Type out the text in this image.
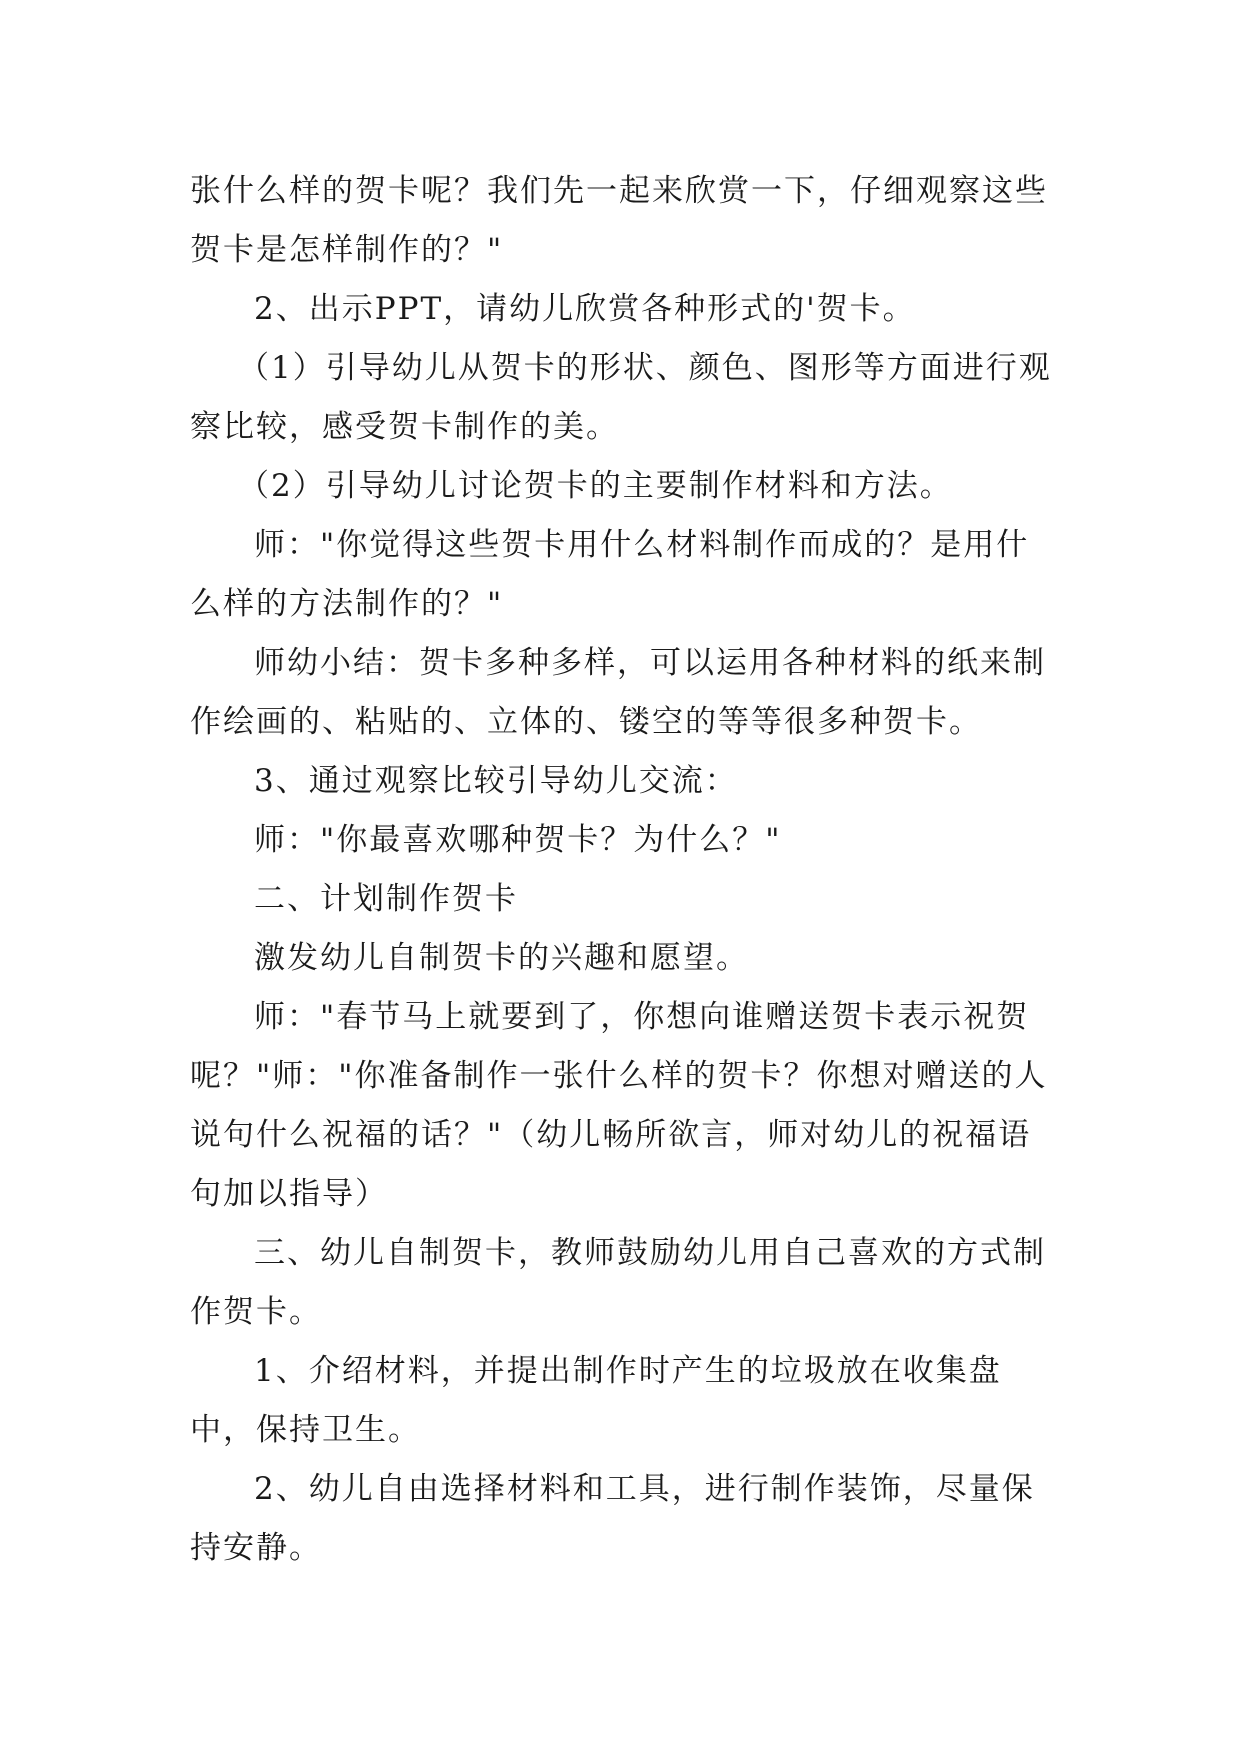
张什么样的贺卡呢？我们先一起来欣赏一下，仔细观察这些贺卡是怎样制作的？"

2、出示PPT，请幼儿欣赏各种形式的'贺卡。

（1）引导幼儿从贺卡的形状、颜色、图形等方面进行观察比较，感受贺卡制作的美。

（2）引导幼儿讨论贺卡的主要制作材料和方法。

师："你觉得这些贺卡用什么材料制作而成的？是用什么样的方法制作的？"

师幼小结：贺卡多种多样，可以运用各种材料的纸来制作绘画的、粘贴的、立体的、镂空的等等很多种贺卡。

3、通过观察比较引导幼儿交流：

师："你最喜欢哪种贺卡？为什么？"

二、计划制作贺卡

激发幼儿自制贺卡的兴趣和愿望。

师："春节马上就要到了，你想向谁赠送贺卡表示祝贺呢？"师："你准备制作一张什么样的贺卡？你想对赠送的人说句什么祝福的话？"（幼儿畅所欲言，师对幼儿的祝福语句加以指导）

三、幼儿自制贺卡，教师鼓励幼儿用自己喜欢的方式制作贺卡。

1、介绍材料，并提出制作时产生的垃圾放在收集盘中，保持卫生。

2、幼儿自由选择材料和工具，进行制作装饰，尽量保持安静。
